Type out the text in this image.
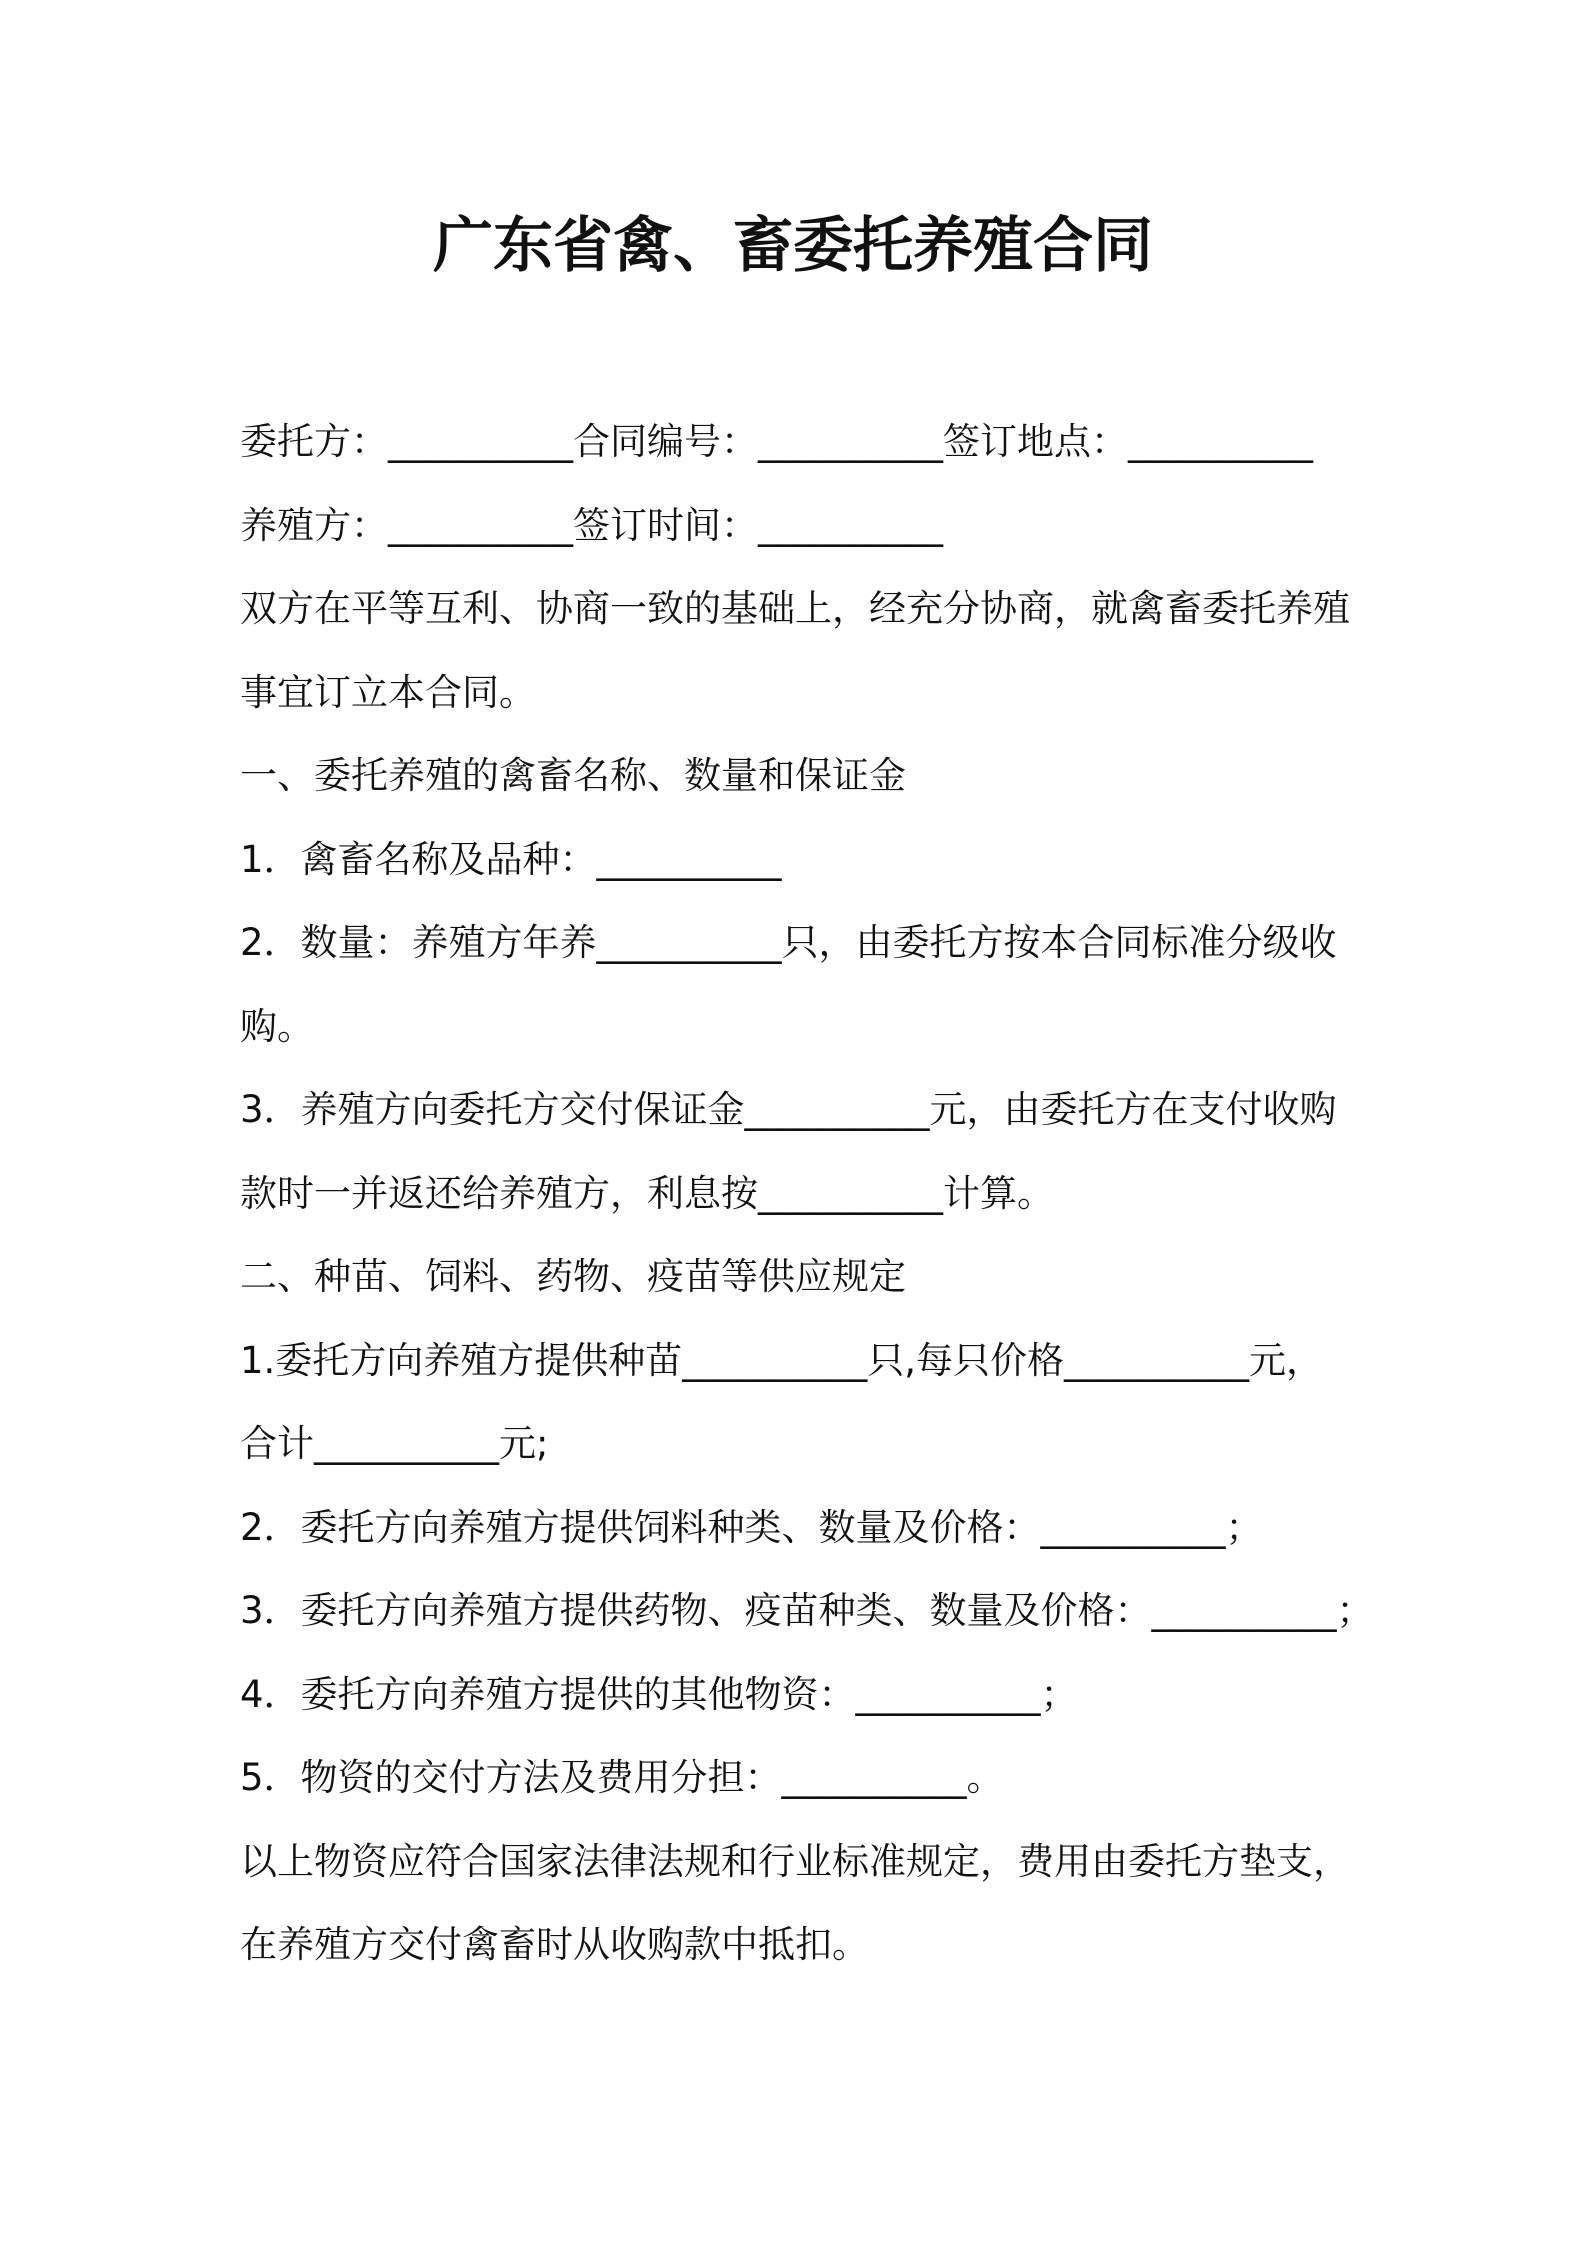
广东省禽、畜委托养殖合同
委托方：__________合同编号：__________签订地点：__________
养殖方：__________签订时间：__________
双方在平等互利、协商一致的基础上，经充分协商，就禽畜委托养殖
事宜订立本合同。
一、委托养殖的禽畜名称、数量和保证金
1．禽畜名称及品种：__________
2．数量：养殖方年养__________只，由委托方按本合同标准分级收
购。
3．养殖方向委托方交付保证金__________元，由委托方在支付收购
款时一并返还给养殖方，利息按__________计算。
二、种苗、饲料、药物、疫苗等供应规定
1.委托方向养殖方提供种苗__________只,每只价格__________元，
合计__________元;
2．委托方向养殖方提供饲料种类、数量及价格：__________；
3．委托方向养殖方提供药物、疫苗种类、数量及价格：__________；
4．委托方向养殖方提供的其他物资：__________；
5．物资的交付方法及费用分担：__________。
以上物资应符合国家法律法规和行业标准规定，费用由委托方垫支，
在养殖方交付禽畜时从收购款中抵扣。
